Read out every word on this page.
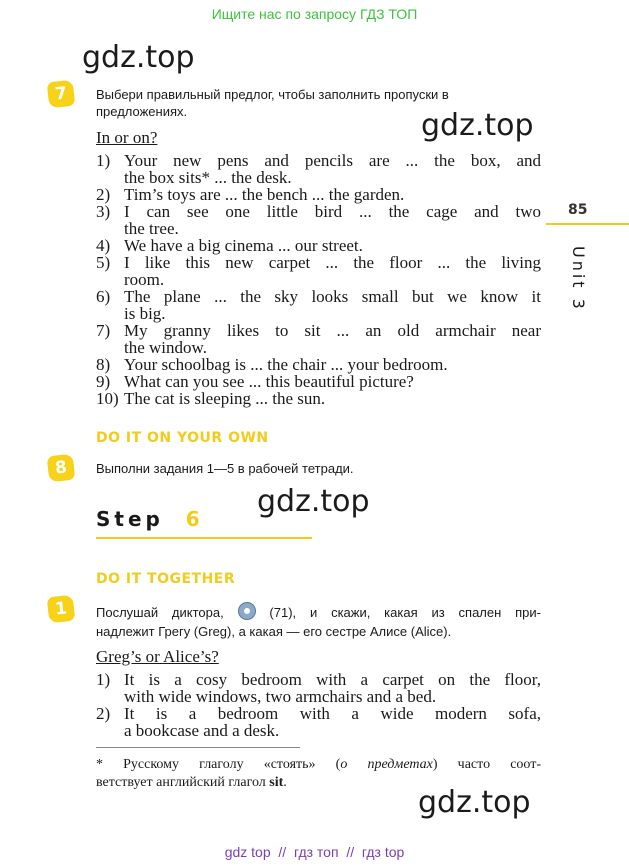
Ищите нас по запросу ГДЗ ТОП
gdz.top
gdz.top
gdz.top
gdz.top
85
Unit 3
7	Выбери правильный предлог, чтобы заполнить пропуски в предложениях.
In or on?
1) Your new pens and pencils are ... the box, and
the box sits* ... the desk.
2) Tim’s toys are ... the bench ... the garden.
3) I can see one little bird ... the cage and two
the tree.
4) We have a big cinema ... our street.
5) I like this new carpet ... the floor ... the living
room.
6) The plane ... the sky looks small but we know it
is big.
7) My granny likes to sit ... an old armchair near
the window.
8) Your schoolbag is ... the chair ... your bedroom.
9) What can you see ... this beautiful picture?
10) The cat is sleeping ... the sun.
DO IT ON YOUR OWN
8	Выполни задания 1—5 в рабочей тетради.
Step 6
DO IT TOGETHER
1	Послушай диктора,	(71), и скажи, какая из спален при-
надлежит Грегу (Greg), а какая — его сестре Алисе (Alice).
Greg’s or Alice’s?
1) It is a cosy bedroom with a carpet on the floor,
with wide windows, two armchairs and a bed.
2) It is a bedroom with a wide modern sofa,
a bookcase and a desk.
* Русскому глаголу «стоять» (о предметах) часто соот-
ветствует английский глагол sit.
gdz top  //  гдз топ  //  гдз top
